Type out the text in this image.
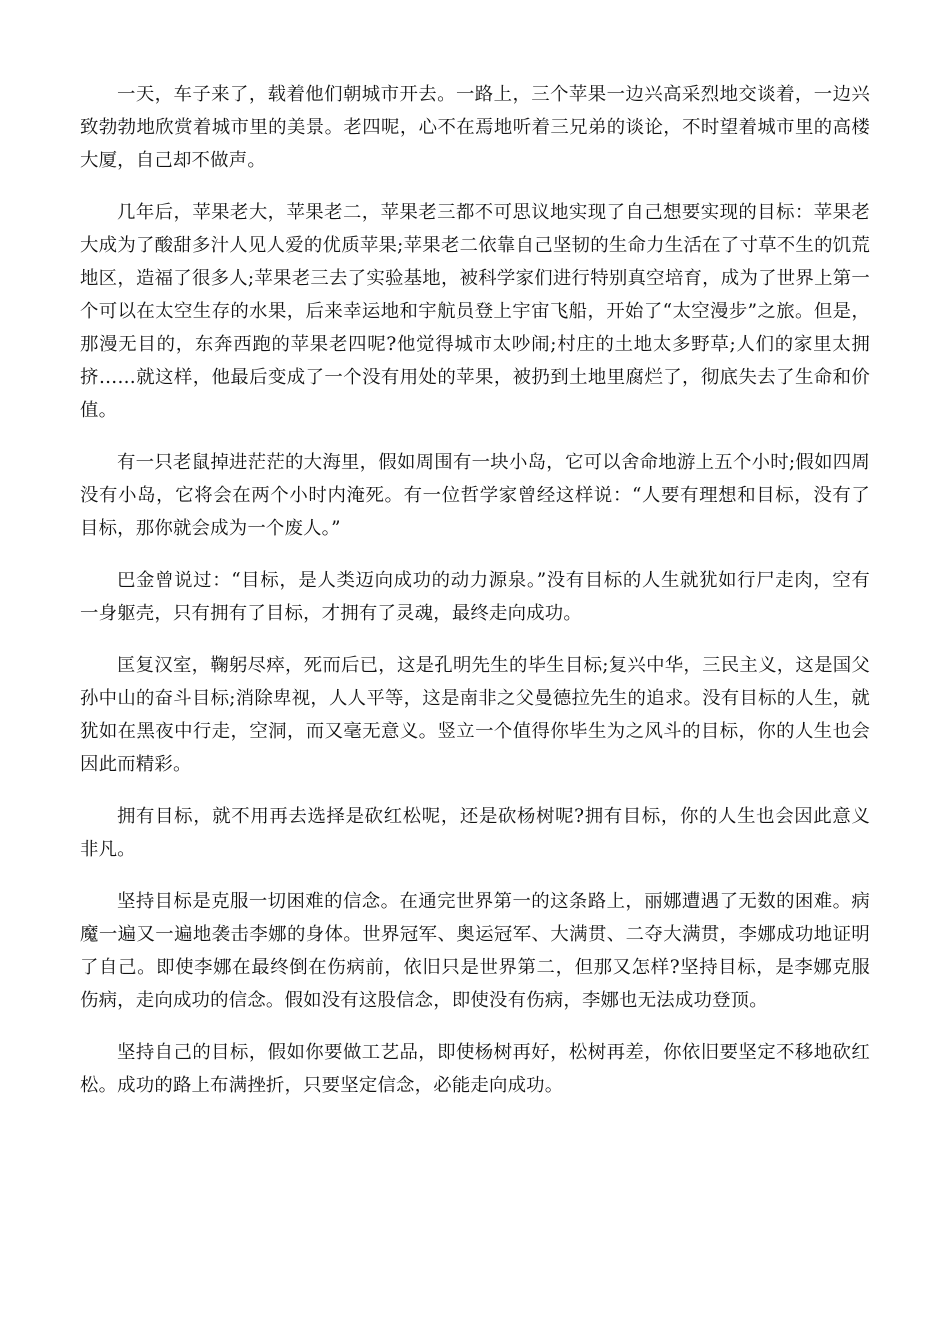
一天，车子来了，载着他们朝城市开去。一路上，三个苹果一边兴高采烈地交谈着，一边兴致勃勃地欣赏着城市里的美景。老四呢，心不在焉地听着三兄弟的谈论，不时望着城市里的高楼大厦，自己却不做声。

几年后，苹果老大，苹果老二，苹果老三都不可思议地实现了自己想要实现的目标：苹果老大成为了酸甜多汁人见人爱的优质苹果;苹果老二依靠自己坚韧的生命力生活在了寸草不生的饥荒地区，造福了很多人;苹果老三去了实验基地，被科学家们进行特别真空培育，成为了世界上第一个可以在太空生存的水果，后来幸运地和宇航员登上宇宙飞船，开始了“太空漫步”之旅。但是，那漫无目的，东奔西跑的苹果老四呢?他觉得城市太吵闹;村庄的土地太多野草;人们的家里太拥挤……就这样，他最后变成了一个没有用处的苹果，被扔到土地里腐烂了，彻底失去了生命和价值。

有一只老鼠掉进茫茫的大海里，假如周围有一块小岛，它可以舍命地游上五个小时;假如四周没有小岛，它将会在两个小时内淹死。有一位哲学家曾经这样说：“人要有理想和目标，没有了目标，那你就会成为一个废人。”

巴金曾说过：“目标，是人类迈向成功的动力源泉。”没有目标的人生就犹如行尸走肉，空有一身躯壳，只有拥有了目标，才拥有了灵魂，最终走向成功。

匡复汉室，鞠躬尽瘁，死而后已，这是孔明先生的毕生目标;复兴中华，三民主义，这是国父孙中山的奋斗目标;消除卑视，人人平等，这是南非之父曼德拉先生的追求。没有目标的人生，就犹如在黑夜中行走，空洞，而又毫无意义。竖立一个值得你毕生为之风斗的目标，你的人生也会因此而精彩。

拥有目标，就不用再去选择是砍红松呢，还是砍杨树呢?拥有目标，你的人生也会因此意义非凡。

坚持目标是克服一切困难的信念。在通完世界第一的这条路上，丽娜遭遇了无数的困难。病魔一遍又一遍地袭击李娜的身体。世界冠军、奥运冠军、大满贯、二夺大满贯，李娜成功地证明了自己。即使李娜在最终倒在伤病前，依旧只是世界第二，但那又怎样?坚持目标，是李娜克服伤病，走向成功的信念。假如没有这股信念，即使没有伤病，李娜也无法成功登顶。

坚持自己的目标，假如你要做工艺品，即使杨树再好，松树再差，你依旧要坚定不移地砍红松。成功的路上布满挫折，只要坚定信念，必能走向成功。
